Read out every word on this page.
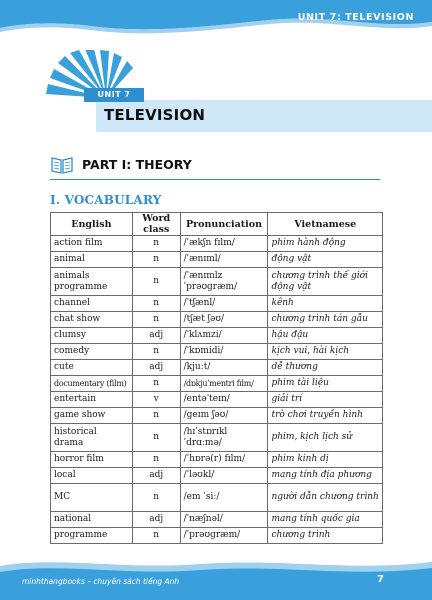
UNIT 7: TELEVISION
TELEVISION
UNIT 7
PART I: THEORY
I. VOCABULARY
English	Word class	Pronunciation	Vietnamese
action film	n	/ˈækʃn fɪlm/	phim hành động
animal	n	/ˈænɪml/	động vật
animals programme	n	/ˈænɪmlz ˈprəʊgræm/	chương trình thế giới động vật
channel	n	/ˈtʃænl/	kênh
chat show	n	/tʃæt ʃəʊ/	chương trình tán gẫu
clumsy	adj	/ˈklʌmzi/	hậu đậu
comedy	n	/ˈkɒmidi/	kịch vui, hài kịch
cute	adj	/kjuːt/	dễ thương
documentary (film)	n	/dɒkjuˈmentri fɪlm/	phim tài liệu
entertain	v	/entəˈteɪn/	giải trí
game show	n	/geɪm ʃəʊ/	trò chơi truyền hình
historical drama	n	/hɪˈstɒrɪkl ˈdrɑːmə/	phim, kịch lịch sử
horror film	n	/ˈhɒrə(r) fɪlm/	phim kinh dị
local	adj	/ˈləʊkl/	mang tính địa phương
MC	n	/em ˈsiː/	người dẫn chương trình
national	adj	/ˈnæʃnəl/	mang tính quốc gia
programme	n	/ˈprəʊgræm/	chương trình
minhthangbooks – chuyên sách tiếng Anh	7
